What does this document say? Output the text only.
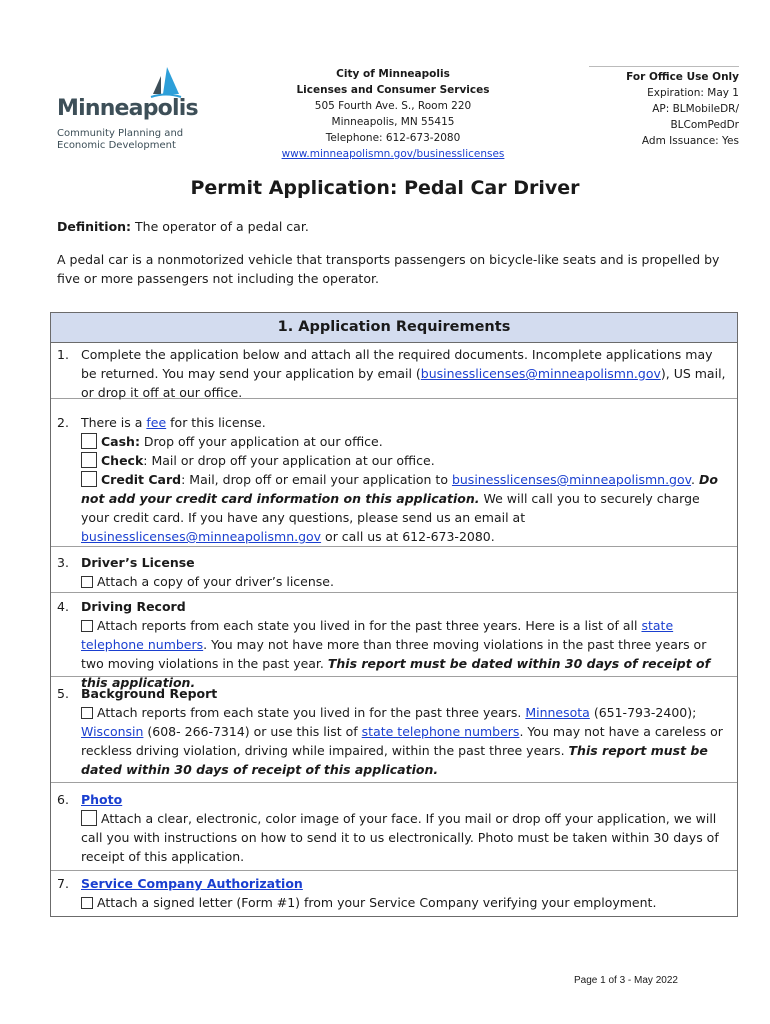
Minneapolis
Community Planning and
Economic Development
City of Minneapolis
Licenses and Consumer Services
505 Fourth Ave. S., Room 220
Minneapolis, MN 55415
Telephone: 612-673-2080
www.minneapolismn.gov/businesslicenses
For Office Use Only
Expiration: May 1
AP: BLMobileDR/
BLComPedDr
Adm Issuance: Yes
Permit Application: Pedal Car Driver
Definition: The operator of a pedal car.
A pedal car is a nonmotorized vehicle that transports passengers on bicycle-like seats and is propelled by five or more passengers not including the operator.
1. Application Requirements
1. Complete the application below and attach all the required documents. Incomplete applications may be returned. You may send your application by email (businesslicenses@minneapolismn.gov), US mail, or drop it off at our office.
2. There is a fee for this license.
Cash: Drop off your application at our office.
Check: Mail or drop off your application at our office.
Credit Card: Mail, drop off or email your application to businesslicenses@minneapolismn.gov. Do not add your credit card information on this application. We will call you to securely charge your credit card. If you have any questions, please send us an email at businesslicenses@minneapolismn.gov or call us at 612-673-2080.
3. Driver’s License
Attach a copy of your driver’s license.
4. Driving Record
Attach reports from each state you lived in for the past three years. Here is a list of all state telephone numbers. You may not have more than three moving violations in the past three years or two moving violations in the past year. This report must be dated within 30 days of receipt of this application.
5. Background Report
Attach reports from each state you lived in for the past three years. Minnesota (651-793-2400); Wisconsin (608- 266-7314) or use this list of state telephone numbers. You may not have a careless or reckless driving violation, driving while impaired, within the past three years. This report must be dated within 30 days of receipt of this application.
6. Photo
Attach a clear, electronic, color image of your face. If you mail or drop off your application, we will call you with instructions on how to send it to us electronically. Photo must be taken within 30 days of receipt of this application.
7. Service Company Authorization
Attach a signed letter (Form #1) from your Service Company verifying your employment.
Page 1 of 3 - May 2022
